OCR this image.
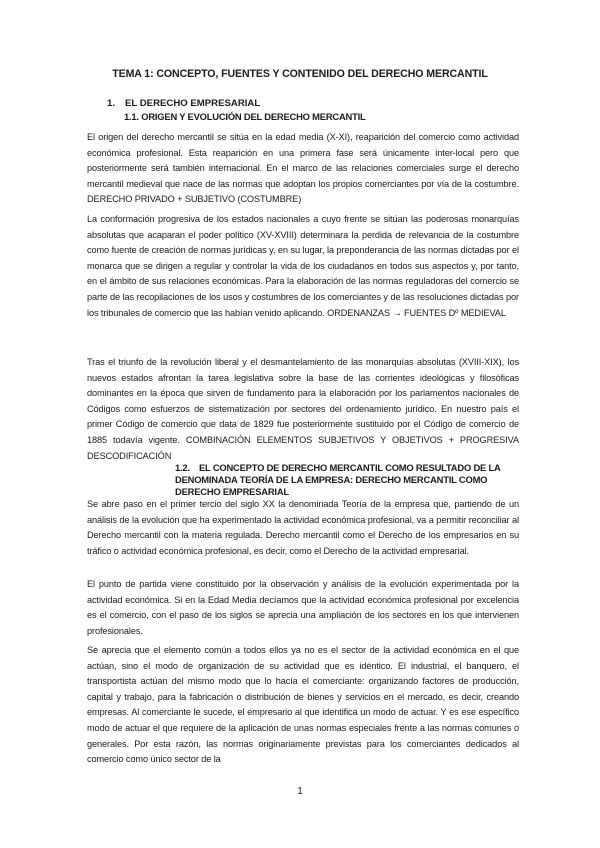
TEMA 1: CONCEPTO, FUENTES Y CONTENIDO DEL DERECHO MERCANTIL
1. EL DERECHO EMPRESARIAL
1.1. ORIGEN Y EVOLUCIÓN DEL DERECHO MERCANTIL
El origen del derecho mercantil se sitúa en la edad media (X-XI), reaparición del comercio como actividad económica profesional. Esta reaparición en una primera fase será únicamente inter-local pero que posteriormente será también internacional. En el marco de las relaciones comerciales surge el derecho mercantil medieval que nace de las normas que adoptan los propios comerciantes por vía de la costumbre. DERECHO PRIVADO + SUBJETIVO (COSTUMBRE)
La conformación progresiva de los estados nacionales a cuyo frente se sitúan las poderosas monarquías absolutas que acaparan el poder político (XV-XVIII) determinara la perdida de relevancia de la costumbre como fuente de creación de normas jurídicas y, en su lugar, la preponderancia de las normas dictadas por el monarca que se dirigen a regular y controlar la vida de los ciudadanos en todos sus aspectos y, por tanto, en el ámbito de sus relaciones económicas. Para la elaboración de las normas reguladoras del comercio se parte de las recopilaciones de los usos y costumbres de los comerciantes y de las resoluciones dictadas por los tribunales de comercio que las habían venido aplicando. ORDENANZAS → FUENTES Dº MEDIEVAL
Tras el triunfo de la revolución liberal y el desmantelamiento de las monarquías absolutas (XVIII-XIX), los nuevos estados afrontan la tarea legislativa sobre la base de las corrientes ideológicas y filosóficas dominantes en la época que sirven de fundamento para la elaboración por los parlamentos nacionales de Códigos como esfuerzos de sistematización por sectores del ordenamiento jurídico. En nuestro país el primer Código de comercio que data de 1829 fue posteriormente sustituido por el Código de comercio de 1885 todavía vigente. COMBINACIÓN ELEMENTOS SUBJETIVOS Y OBJETIVOS + PROGRESIVA DESCODIFICACIÓN
1.2. EL CONCEPTO DE DERECHO MERCANTIL COMO RESULTADO DE LA DENOMINADA TEORÍA DE LA EMPRESA: DERECHO MERCANTIL COMO DERECHO EMPRESARIAL
Se abre paso en el primer tercio del siglo XX la denominada Teoría de la empresa que, partiendo de un análisis de la evolución que ha experimentado la actividad económica profesional, va a permitir reconciliar al Derecho mercantil con la materia regulada. Derecho mercantil como el Derecho de los empresarios en su tráfico o actividad económica profesional, es decir, como el Derecho de la actividad empresarial.
El punto de partida viene constituido por la observación y análisis de la evolución experimentada por la actividad económica. Si en la Edad Media decíamos que la actividad económica profesional por excelencia es el comercio, con el paso de los siglos se aprecia una ampliación de los sectores en los que intervienen profesionales.
Se aprecia que el elemento común a todos ellos ya no es el sector de la actividad económica en el que actúan, sino el modo de organización de su actividad que es idéntico. El industrial, el banquero, el transportista actúan del mismo modo que lo hacía el comerciante: organizando factores de producción, capital y trabajo, para la fabricación o distribución de bienes y servicios en el mercado, es decir, creando empresas. Al comerciante le sucede, el empresario al que identifica un modo de actuar. Y es ese específico modo de actuar el que requiere de la aplicación de unas normas especiales frente a las normas comunes o generales. Por esta razón, las normas originariamente previstas para los comerciantes dedicados al comercio como único sector de la
1
